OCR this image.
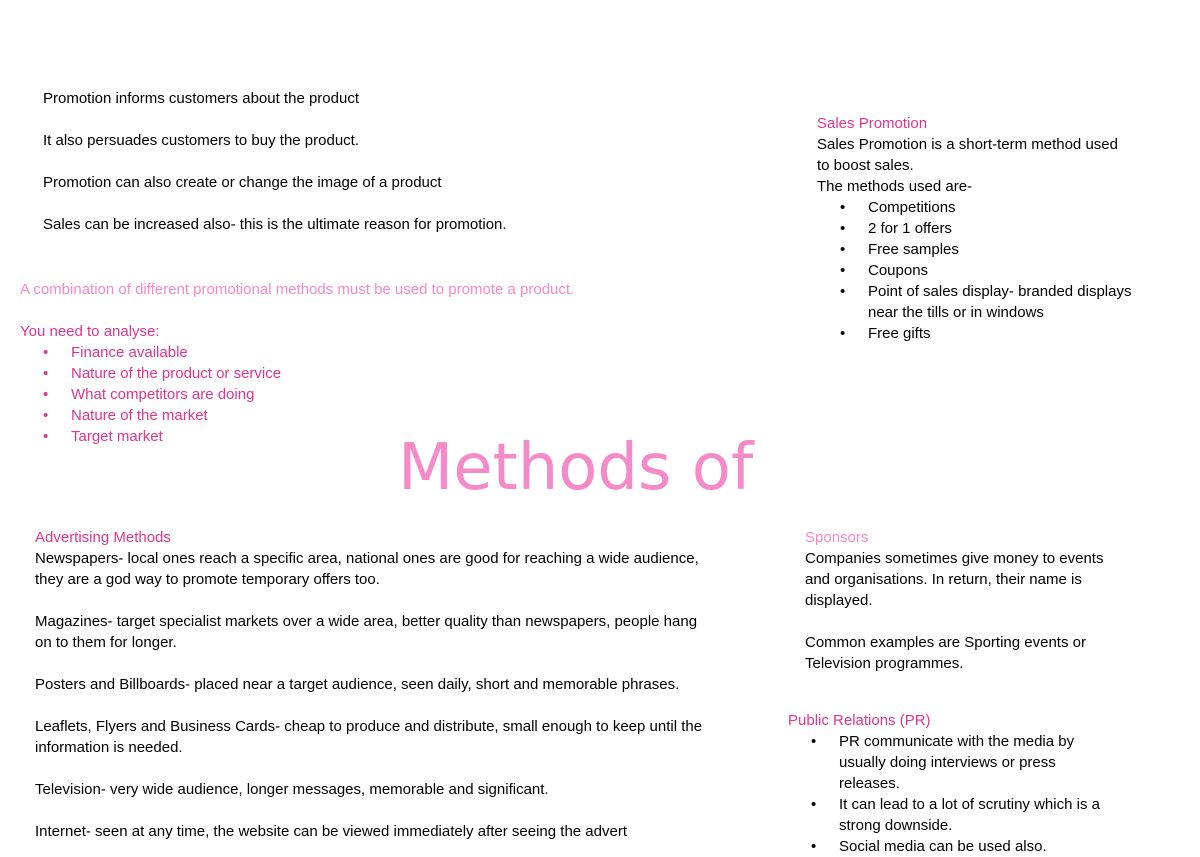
Promotion informs customers about the product

It also persuades customers to buy the product.

Promotion can also create or change the image of a product

Sales can be increased also- this is the ultimate reason for promotion.

A combination of different promotional methods must be used to promote a product.

You need to analyse:
• Finance available
• Nature of the product or service
• What competitors are doing
• Nature of the market
• Target market	Methods of
Sales Promotion
Sales Promotion is a short-term method used
to boost sales.
The methods used are-
• Competitions
• 2 for 1 offers
• Free samples
• Coupons
• Point of sales display- branded displays near the tills or in windows
• Free gifts
Advertising Methods
Newspapers- local ones reach a specific area, national ones are good for reaching a wide audience,
they are a god way to promote temporary offers too.
Magazines- target specialist markets over a wide area, better quality than newspapers, people hang
on to them for longer.
Posters and Billboards- placed near a target audience, seen daily, short and memorable phrases.
Leaflets, Flyers and Business Cards- cheap to produce and distribute, small enough to keep until the
information is needed.
Television- very wide audience, longer messages, memorable and significant.
Internet- seen at any time, the website can be viewed immediately after seeing the advert
Sponsors
Companies sometimes give money to events
and organisations. In return, their name is
displayed.
Common examples are Sporting events or
Television programmes.
Public Relations (PR)
• PR communicate with the media by usually doing interviews or press releases.
• It can lead to a lot of scrutiny which is a strong downside.
• Social media can be used also.
